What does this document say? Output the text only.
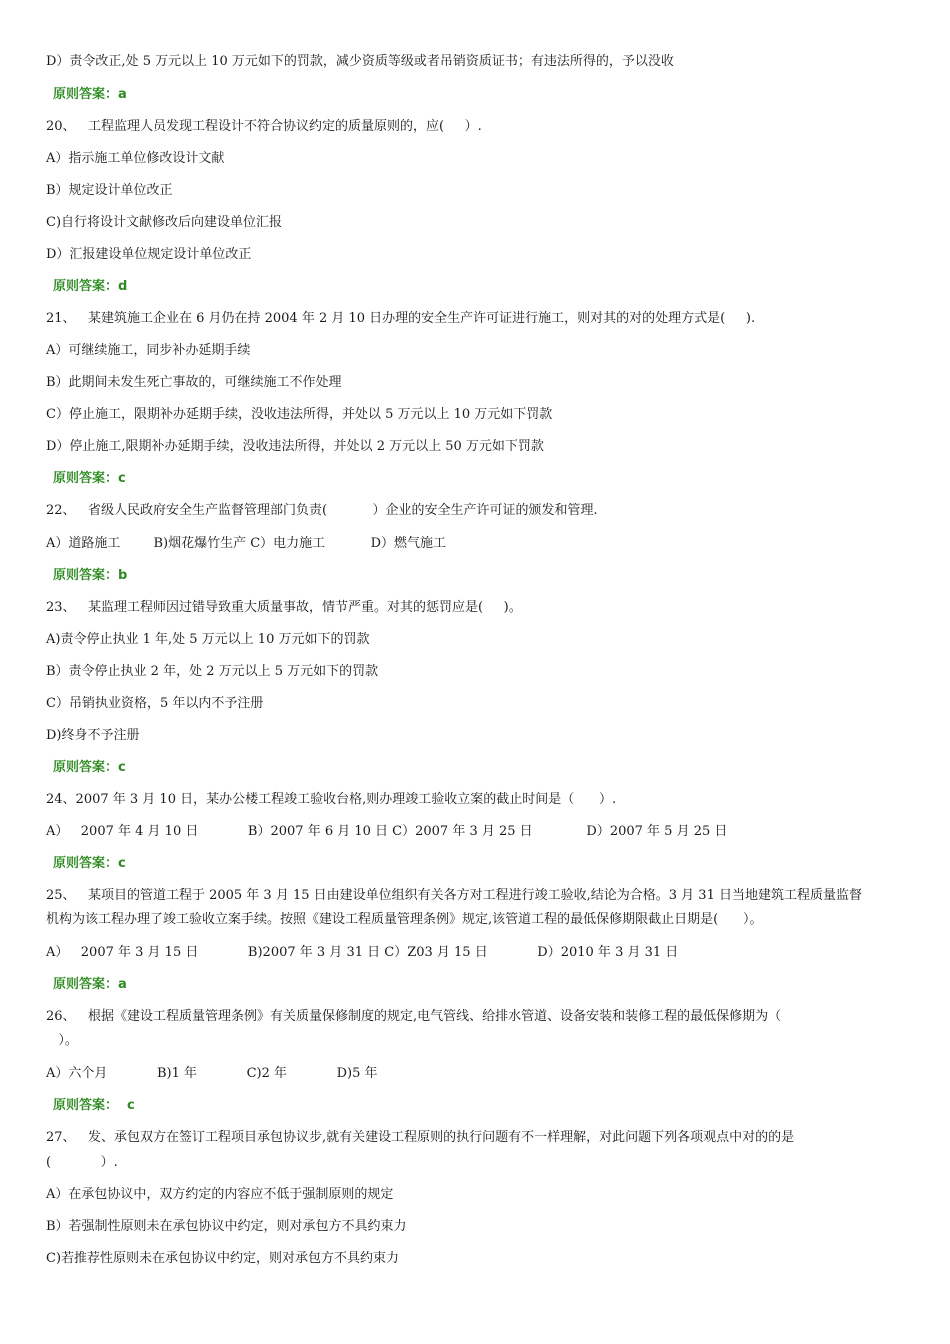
D）责令改正,处 5 万元以上 10 万元如下的罚款，减少资质等级或者吊销资质证书；有违法所得的，予以没收
原则答案：a
20、   工程监理人员发现工程设计不符合协议约定的质量原则的，应(     ）.
A）指示施工单位修改设计文献
B）规定设计单位改正
C)自行将设计文献修改后向建设单位汇报
D）汇报建设单位规定设计单位改正
原则答案：d
21、   某建筑施工企业在 6 月仍在持 2004 年 2 月 10 日办理的安全生产许可证进行施工，则对其的对的处理方式是(     ).
A）可继续施工，同步补办延期手续
B）此期间未发生死亡事故的，可继续施工不作处理
C）停止施工，限期补办延期手续，没收违法所得，并处以 5 万元以上 10 万元如下罚款
D）停止施工,限期补办延期手续，没收违法所得，并处以 2 万元以上 50 万元如下罚款
原则答案：c
22、   省级人民政府安全生产监督管理部门负责(           ）企业的安全生产许可证的颁发和管理.
A）道路施工        B)烟花爆竹生产 C）电力施工           D）燃气施工
原则答案：b
23、   某监理工程师因过错导致重大质量事故，情节严重。对其的惩罚应是(     )。
A)责令停止执业 1 年,处 5 万元以上 10 万元如下的罚款
B）责令停止执业 2 年，处 2 万元以上 5 万元如下的罚款
C）吊销执业资格，5 年以内不予注册
D)终身不予注册
原则答案：c
24、2007 年 3 月 10 日，某办公楼工程竣工验收台格,则办理竣工验收立案的截止时间是（      ）.
A）   2007 年 4 月 10 日            B）2007 年 6 月 10 日 C）2007 年 3 月 25 日             D）2007 年 5 月 25 日
原则答案：c
25、   某项目的管道工程于 2005 年 3 月 15 日由建设单位组织有关各方对工程进行竣工验收,结论为合格。3 月 31 日当地建筑工程质量监督
机构为该工程办理了竣工验收立案手续。按照《建设工程质量管理条例》规定,该管道工程的最低保修期限截止日期是(      ）。
A）   2007 年 3 月 15 日            B)2007 年 3 月 31 日 C）Z03 月 15 日            D）2010 年 3 月 31 日
原则答案：a
26、   根据《建设工程质量管理条例》有关质量保修制度的规定,电气管线、给排水管道、设备安装和装修工程的最低保修期为（
）。
A）六个月            B)1 年            C)2 年            D)5 年
原则答案：  c
27、   发、承包双方在签订工程项目承包协议步,就有关建设工程原则的执行问题有不一样理解，对此问题下列各项观点中对的的是
(            ）.
A）在承包协议中，双方约定的内容应不低于强制原则的规定
B）若强制性原则未在承包协议中约定，则对承包方不具约束力
C)若推荐性原则未在承包协议中约定，则对承包方不具约束力
